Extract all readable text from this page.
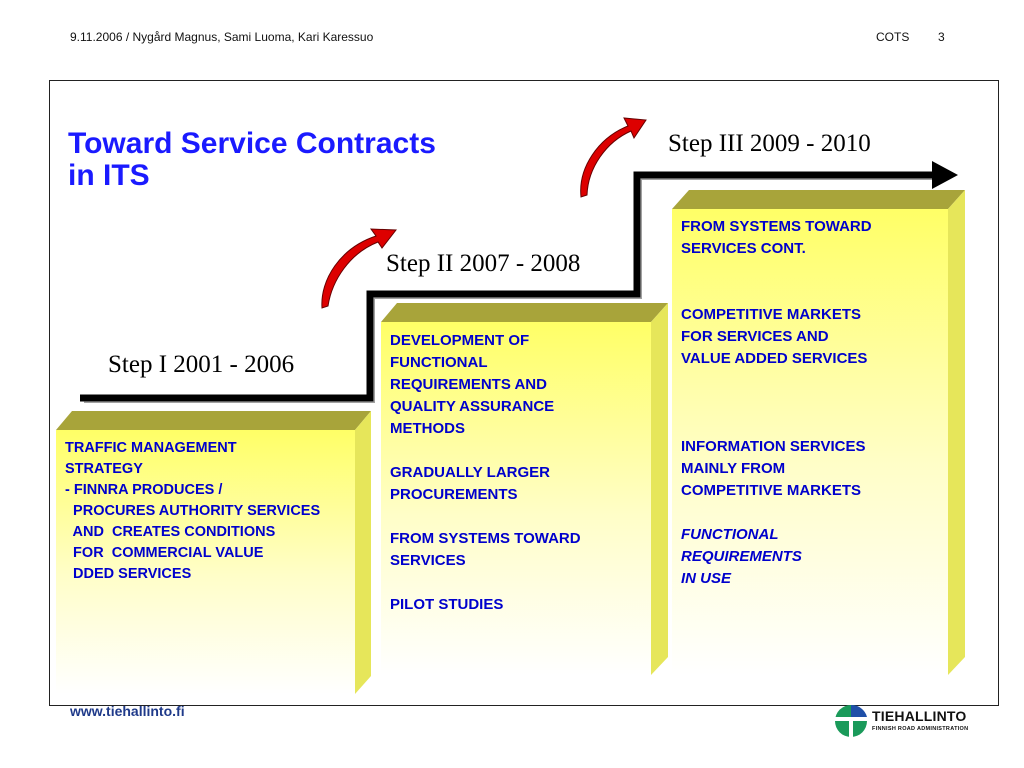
9.11.2006 / Nygård Magnus, Sami Luoma, Kari Karessuo	COTS 3
Toward Service Contracts
in ITS

Step I 2001 - 2006

Step II 2007 - 2008

Step III 2009 - 2010

TRAFFIC MANAGEMENT

STRATEGY

- FINNRA PRODUCES /

PROCURES AUTHORITY SERVICES

AND  CREATES CONDITIONS

FOR  COMMERCIAL VALUE

DDED SERVICES

DEVELOPMENT OF

FUNCTIONAL

REQUIREMENTS AND

QUALITY ASSURANCE

METHODS

GRADUALLY LARGER

PROCUREMENTS

FROM SYSTEMS TOWARD

SERVICES

PILOT STUDIES

FROM SYSTEMS TOWARD

SERVICES CONT.

COMPETITIVE MARKETS

FOR SERVICES AND

VALUE ADDED SERVICES

INFORMATION SERVICES

MAINLY FROM

COMPETITIVE MARKETS

FUNCTIONAL

REQUIREMENTS

IN USE

www.tiehallinto.fi	TIEHALLINTO
FINNISH ROAD ADMINISTRATION
